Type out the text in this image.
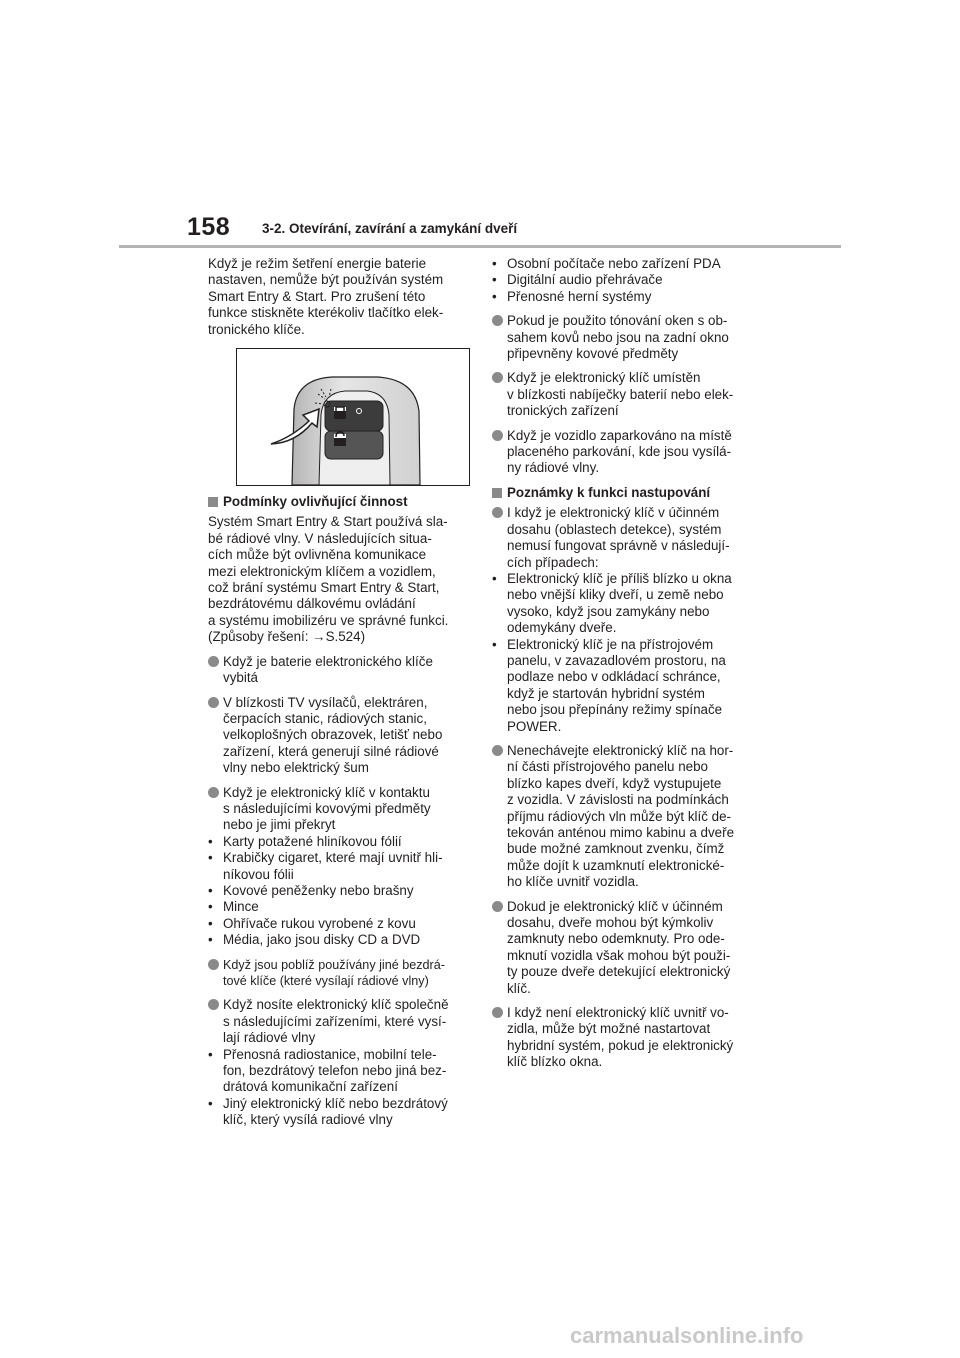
158 3-2. Otevírání, zavírání a zamykání dveří

Když je režim šetření energie baterie

nastaven, nemůže být používán systém

Smart Entry & Start. Pro zrušení této

funkce stiskněte kterékoliv tlačítko elek-

tronického klíče.

Podmínky ovlivňující činnost

Systém Smart Entry & Start používá sla-

bé rádiové vlny. V následujících situa-

cích může být ovlivněna komunikace

mezi elektronickým klíčem a vozidlem,

což brání systému Smart Entry & Start,

bezdrátovému dálkovému ovládání

a systému imobilizéru ve správné funkci.

(Způsoby řešení: →S.524)

Když je baterie elektronického klíče
vybitá
V blízkosti TV vysílačů, elektráren,
čerpacích stanic, rádiových stanic,
velkoplošných obrazovek, letišť nebo
zařízení, která generují silné rádiové
vlny nebo elektrický šum
Když je elektronický klíč v kontaktu
s následujícími kovovými předměty
nebo je jimi překryt
• Karty potažené hliníkovou fólií
• Krabičky cigaret, které mají uvnitř hli-
níkovou fólii
• Kovové peněženky nebo brašny
• Mince
• Ohřívače rukou vyrobené z kovu
• Média, jako jsou disky CD a DVD
Když jsou poblíž používány jiné bezdrá-
tové klíče (které vysílají rádiové vlny)
Když nosíte elektronický klíč společně
s následujícími zařízeními, které vysí-
lají rádiové vlny
• Přenosná radiostanice, mobilní tele-
fon, bezdrátový telefon nebo jiná bez-
drátová komunikační zařízení
• Jiný elektronický klíč nebo bezdrátový
klíč, který vysílá radiové vlny
• Osobní počítače nebo zařízení PDA
• Digitální audio přehrávače
• Přenosné herní systémy
Pokud je použito tónování oken s ob-
sahem kovů nebo jsou na zadní okno
připevněny kovové předměty
Když je elektronický klíč umístěn
v blízkosti nabíječky baterií nebo elek-
tronických zařízení
Když je vozidlo zaparkováno na místě
placeného parkování, kde jsou vysílá-
ny rádiové vlny.
Poznámky k funkci nastupování
I když je elektronický klíč v účinném
dosahu (oblastech detekce), systém
nemusí fungovat správně v následují-
cích případech:
• Elektronický klíč je příliš blízko u okna
nebo vnější kliky dveří, u země nebo
vysoko, když jsou zamykány nebo
odemykány dveře.
• Elektronický klíč je na přístrojovém
panelu, v zavazadlovém prostoru, na
podlaze nebo v odkládací schránce,
když je startován hybridní systém
nebo jsou přepínány režimy spínače
POWER.
Nenechávejte elektronický klíč na hor-
ní části přístrojového panelu nebo
blízko kapes dveří, když vystupujete
z vozidla. V závislosti na podmínkách
příjmu rádiových vln může být klíč de-
tekován anténou mimo kabinu a dveře
bude možné zamknout zvenku, čímž
může dojít k uzamknutí elektronické-
ho klíče uvnitř vozidla.
Dokud je elektronický klíč v účinném
dosahu, dveře mohou být kýmkoliv
zamknuty nebo odemknuty. Pro ode-
mknutí vozidla však mohou být použi-
ty pouze dveře detekující elektronický
klíč.
I když není elektronický klíč uvnitř vo-
zidla, může být možné nastartovat
hybridní systém, pokud je elektronický
klíč blízko okna.
carmanualsonline.info
